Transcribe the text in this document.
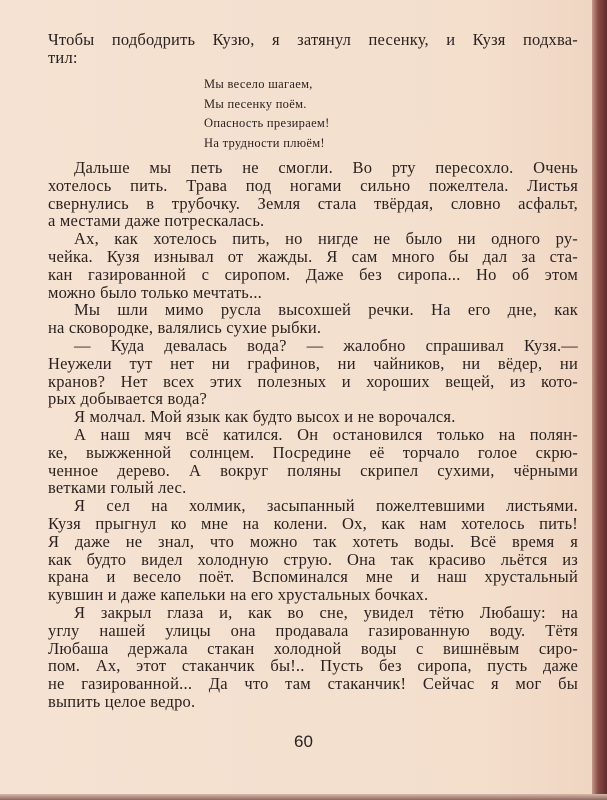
Чтобы подбодрить Кузю, я затянул песенку, и Кузя подхва-
тил:
Мы весело шагаем,
Мы песенку поём.
Опасность презираем!
На трудности плюём!
Дальше мы петь не смогли. Во рту пересохло. Очень
хотелось пить. Трава под ногами сильно пожелтела. Листья
свернулись в трубочку. Земля стала твёрдая, словно асфальт,
а местами даже потрескалась.
Ах, как хотелось пить, но нигде не было ни одного ру-
чейка. Кузя изнывал от жажды. Я сам много бы дал за ста-
кан газированной с сиропом. Даже без сиропа... Но об этом
можно было только мечтать...
Мы шли мимо русла высохшей речки. На его дне, как
на сковородке, валялись сухие рыбки.
— Куда девалась вода? — жалобно спрашивал Кузя.—
Неужели тут нет ни графинов, ни чайников, ни вёдер, ни
кранов? Нет всех этих полезных и хороших вещей, из кото-
рых добывается вода?
Я молчал. Мой язык как будто высох и не ворочался.
А наш мяч всё катился. Он остановился только на полян-
ке, выжженной солнцем. Посредине её торчало голое скрю-
ченное дерево. А вокруг поляны скрипел сухими, чёрными
ветками голый лес.
Я сел на холмик, засыпанный пожелтевшими листьями.
Кузя прыгнул ко мне на колени. Ох, как нам хотелось пить!
Я даже не знал, что можно так хотеть воды. Всё время я
как будто видел холодную струю. Она так красиво льётся из
крана и весело поёт. Вспоминался мне и наш хрустальный
кувшин и даже капельки на его хрустальных бочках.
Я закрыл глаза и, как во сне, увидел тётю Любашу: на
углу нашей улицы она продавала газированную воду. Тётя
Любаша держала стакан холодной воды с вишнёвым сиро-
пом. Ах, этот стаканчик бы!.. Пусть без сиропа, пусть даже
не газированной... Да что там стаканчик! Сейчас я мог бы
выпить целое ведро.
60
